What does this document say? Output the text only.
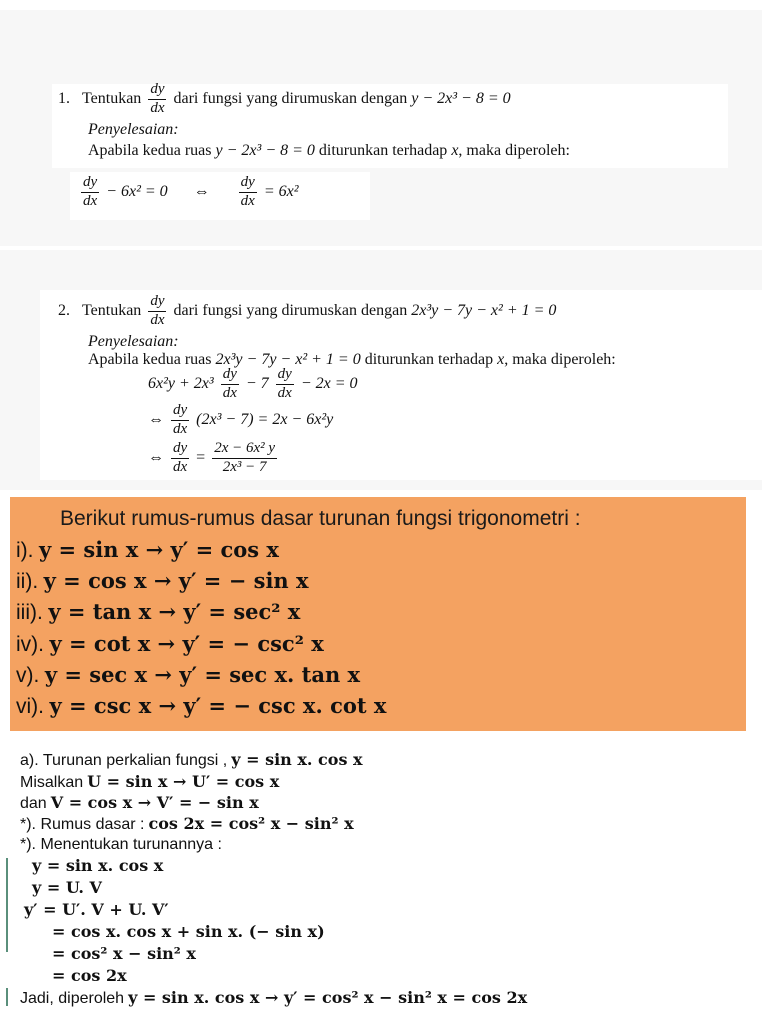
1. Tentukan $\frac{dy}{dx}$ dari fungsi yang dirumuskan dengan y − 2x³ − 8 = 0
Penyelesaian:
Apabila kedua ruas y − 2x³ − 8 = 0 diturunkan terhadap x, maka diperoleh:
$\frac{dy}{dx} - 6x^2 = 0$ ⇔ $\frac{dy}{dx} = 6x^2$
2. Tentukan $\frac{dy}{dx}$ dari fungsi yang dirumuskan dengan 2x³y − 7y − x² + 1 = 0
Penyelesaian:
Apabila kedua ruas 2x³y − 7y − x² + 1 = 0 diturunkan terhadap x, maka diperoleh:
$6x^2y + 2x^3 \frac{dy}{dx} - 7 \frac{dy}{dx} - 2x = 0$
⇔ $\frac{dy}{dx} (2x^3 - 7) = 2x - 6x^2y$
⇔ $\frac{dy}{dx} = \frac{\text{2x − 6x² y}}{\text{2x³ − 7}}$
Berikut rumus-rumus dasar turunan fungsi trigonometri :
i). y = sin x → y′ = cos x
ii). y = cos x → y′ = − sin x
iii). y = tan x → y′ = sec² x
iv). y = cot x → y′ = − csc² x
v). y = sec x → y′ = sec x. tan x
vi). y = csc x → y′ = − csc x. cot x
a). Turunan perkalian fungsi , y = sin x. cos x
Misalkan U = sin x → U′ = cos x
dan V = cos x → V′ = − sin x
*). Rumus dasar : cos 2x = cos² x − sin² x
*). Menentukan turunannya :
y = sin x. cos x
y = U. V
y′ = U′. V + U. V′
= cos x. cos x + sin x. (− sin x)
= cos² x − sin² x
= cos 2x
Jadi, diperoleh y = sin x. cos x → y′ = cos² x − sin² x = cos 2x
